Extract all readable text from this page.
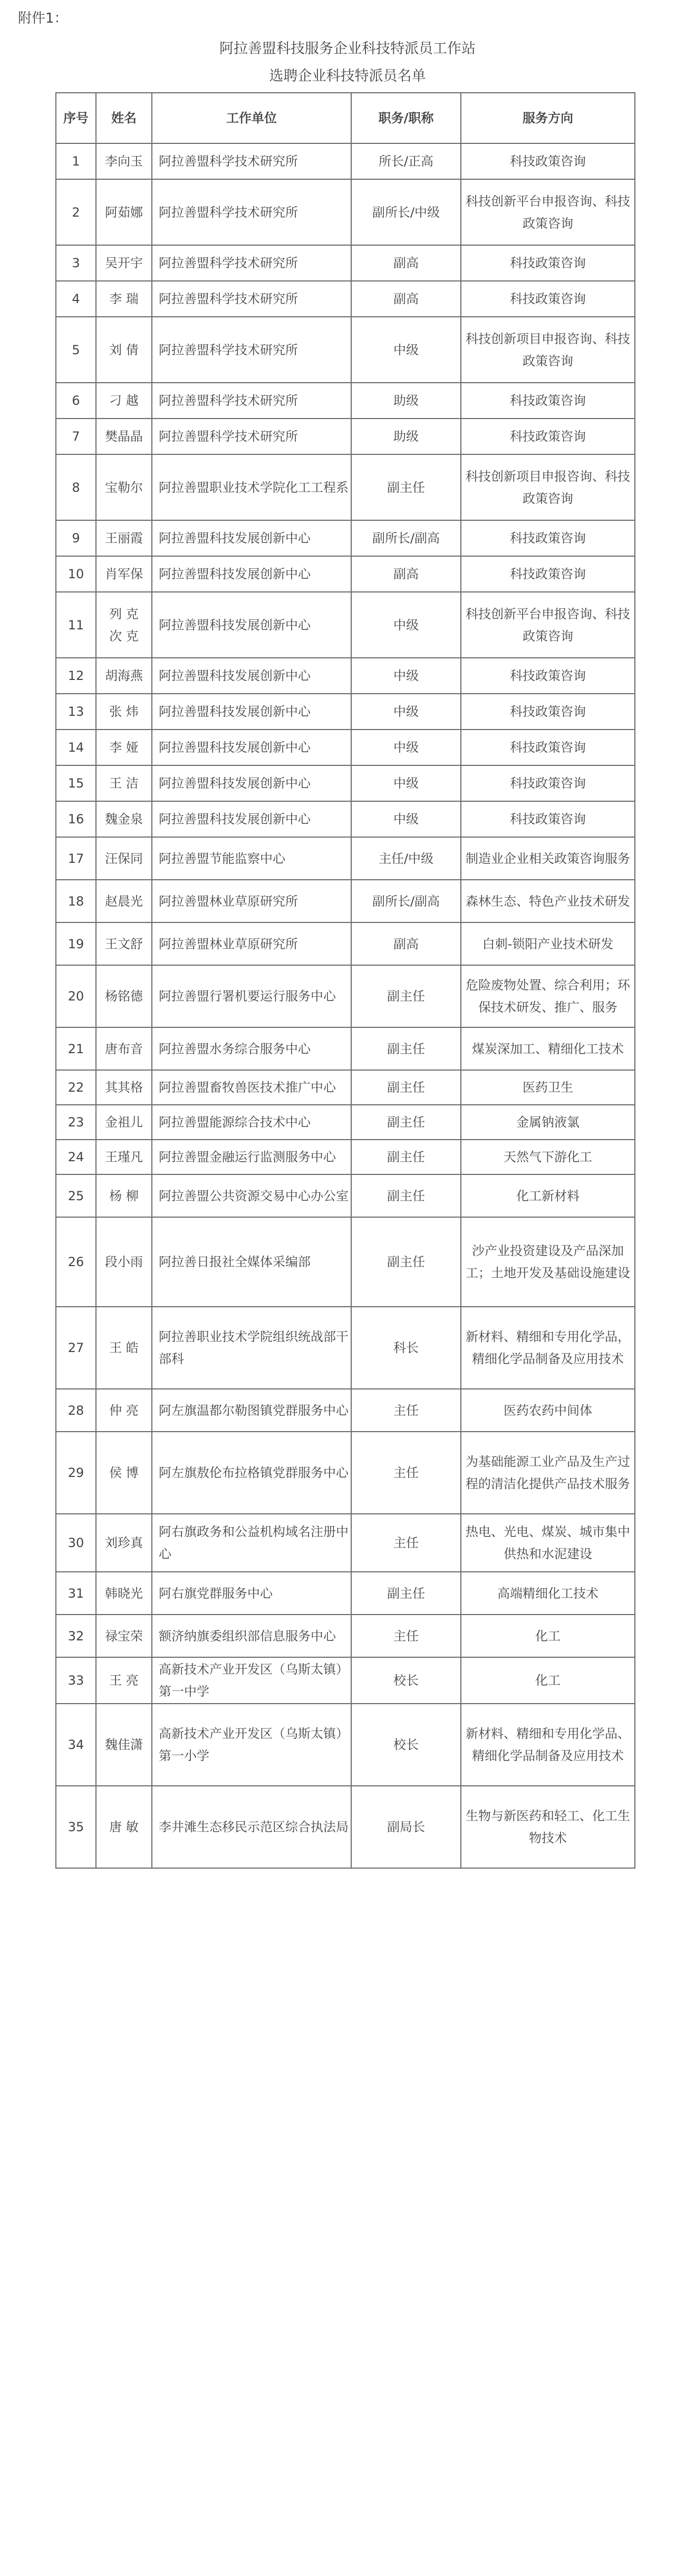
附件1：
阿拉善盟科技服务企业科技特派员工作站
选聘企业科技特派员名单
序号	姓名	工作单位	职务/职称	服务方向
1	李向玉	阿拉善盟科学技术研究所	所长/正高	科技政策咨询
2	阿茹娜	阿拉善盟科学技术研究所	副所长/中级	科技创新平台申报咨询、科技政策咨询
3	吴开宇	阿拉善盟科学技术研究所	副高	科技政策咨询
4	李 瑞	阿拉善盟科学技术研究所	副高	科技政策咨询
5	刘 倩	阿拉善盟科学技术研究所	中级	科技创新项目申报咨询、科技政策咨询
6	刁 越	阿拉善盟科学技术研究所	助级	科技政策咨询
7	樊晶晶	阿拉善盟科学技术研究所	助级	科技政策咨询
8	宝勒尔	阿拉善盟职业技术学院化工工程系	副主任	科技创新项目申报咨询、科技政策咨询
9	王丽霞	阿拉善盟科技发展创新中心	副所长/副高	科技政策咨询
10	肖军保	阿拉善盟科技发展创新中心	副高	科技政策咨询
11	列 克 次 克	阿拉善盟科技发展创新中心	中级	科技创新平台申报咨询、科技政策咨询
12	胡海燕	阿拉善盟科技发展创新中心	中级	科技政策咨询
13	张 炜	阿拉善盟科技发展创新中心	中级	科技政策咨询
14	李 娅	阿拉善盟科技发展创新中心	中级	科技政策咨询
15	王 洁	阿拉善盟科技发展创新中心	中级	科技政策咨询
16	魏金泉	阿拉善盟科技发展创新中心	中级	科技政策咨询
17	汪保同	阿拉善盟节能监察中心	主任/中级	制造业企业相关政策咨询服务
18	赵晨光	阿拉善盟林业草原研究所	副所长/副高	森林生态、特色产业技术研发
19	王文舒	阿拉善盟林业草原研究所	副高	白刺-锁阳产业技术研发
20	杨铭德	阿拉善盟行署机要运行服务中心	副主任	危险废物处置、综合利用；环保技术研发、推广、服务
21	唐布音	阿拉善盟水务综合服务中心	副主任	煤炭深加工、精细化工技术
22	其其格	阿拉善盟畜牧兽医技术推广中心	副主任	医药卫生
23	金祖儿	阿拉善盟能源综合技术中心	副主任	金属钠液氯
24	王瑾凡	阿拉善盟金融运行监测服务中心	副主任	天然气下游化工
25	杨 柳	阿拉善盟公共资源交易中心办公室	副主任	化工新材料
26	段小雨	阿拉善日报社全媒体采编部	副主任	沙产业投资建设及产品深加工；土地开发及基础设施建设
27	王 皓	阿拉善职业技术学院组织统战部干部科	科长	新材料、精细和专用化学品，精细化学品制备及应用技术
28	仲 亮	阿左旗温都尔勒图镇党群服务中心	主任	医药农药中间体
29	侯 博	阿左旗敖伦布拉格镇党群服务中心	主任	为基础能源工业产品及生产过程的清洁化提供产品技术服务
30	刘珍真	阿右旗政务和公益机构域名注册中心	主任	热电、光电、煤炭、城市集中供热和水泥建设
31	韩晓光	阿右旗党群服务中心	副主任	高端精细化工技术
32	禄宝荣	额济纳旗委组织部信息服务中心	主任	化工
33	王 亮	高新技术产业开发区（乌斯太镇）第一中学	校长	化工
34	魏佳潇	高新技术产业开发区（乌斯太镇）第一小学	校长	新材料、精细和专用化学品、精细化学品制备及应用技术
35	唐 敏	李井滩生态移民示范区综合执法局	副局长	生物与新医药和轻工、化工生物技术
